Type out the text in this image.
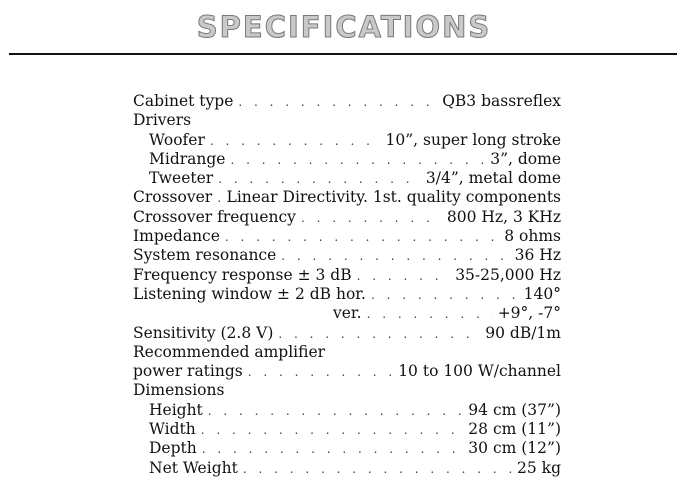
SPECIFICATIONS
Cabinet type . . .	QB3 bassreflex
Drivers
Woofer . . .	10”, super long stroke
Midrange . . .	3”, dome
Tweeter . . .	3/4”, metal dome
Crossover . . . Linear Directivity. 1st. quality components
Crossover frequency . . .	800 Hz, 3 KHz
Impedance . . .	8 ohms
System resonance . . .	36 Hz
Frequency response ± 3 dB . . .	35-25,000 Hz
Listening window ± 2 dB hor. . . .	140°
ver. . . .	+9°, -7°
Sensitivity (2.8 V) . . .	90 dB/1m
Recommended amplifier
power ratings . . .	10 to 100 W/channel
Dimensions
Height . . .	94 cm (37”)
Width . . .	28 cm (11”)
Depth . . .	30 cm (12”)
Net Weight . . .	25 kg
